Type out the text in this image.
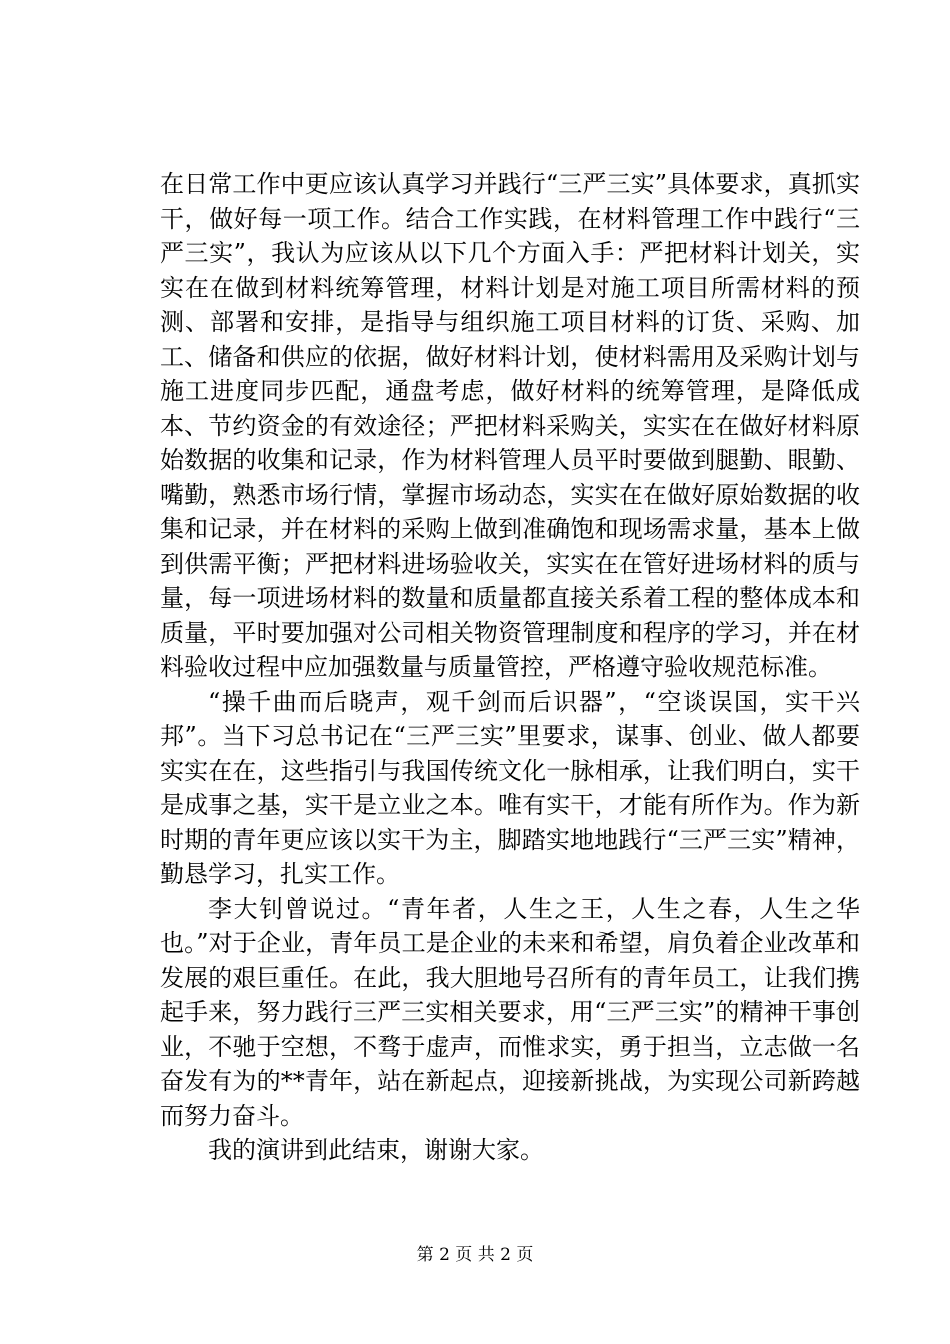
在日常工作中更应该认真学习并践行“三严三实”具体要求，真抓实干，做好每一项工作。结合工作实践，在材料管理工作中践行“三严三实”，我认为应该从以下几个方面入手：严把材料计划关，实实在在做到材料统筹管理，材料计划是对施工项目所需材料的预测、部署和安排，是指导与组织施工项目材料的订货、采购、加工、储备和供应的依据，做好材料计划，使材料需用及采购计划与施工进度同步匹配，通盘考虑，做好材料的统筹管理，是降低成本、节约资金的有效途径；严把材料采购关，实实在在做好材料原始数据的收集和记录，作为材料管理人员平时要做到腿勤、眼勤、嘴勤，熟悉市场行情，掌握市场动态，实实在在做好原始数据的收集和记录，并在材料的采购上做到准确饱和现场需求量，基本上做到供需平衡；严把材料进场验收关，实实在在管好进场材料的质与量，每一项进场材料的数量和质量都直接关系着工程的整体成本和质量，平时要加强对公司相关物资管理制度和程序的学习，并在材料验收过程中应加强数量与质量管控，严格遵守验收规范标准。

“操千曲而后晓声，观千剑而后识器”，“空谈误国，实干兴邦”。当下习总书记在“三严三实”里要求，谋事、创业、做人都要实实在在，这些指引与我国传统文化一脉相承，让我们明白，实干是成事之基，实干是立业之本。唯有实干，才能有所作为。作为新时期的青年更应该以实干为主，脚踏实地地践行“三严三实”精神，勤恳学习，扎实工作。

李大钊曾说过。“青年者，人生之王，人生之春，人生之华也。”对于企业，青年员工是企业的未来和希望，肩负着企业改革和发展的艰巨重任。在此，我大胆地号召所有的青年员工，让我们携起手来，努力践行三严三实相关要求，用“三严三实”的精神干事创业，不驰于空想，不骛于虚声，而惟求实，勇于担当，立志做一名奋发有为的**青年，站在新起点，迎接新挑战，为实现公司新跨越而努力奋斗。

我的演讲到此结束，谢谢大家。

第 2 页 共 2 页
